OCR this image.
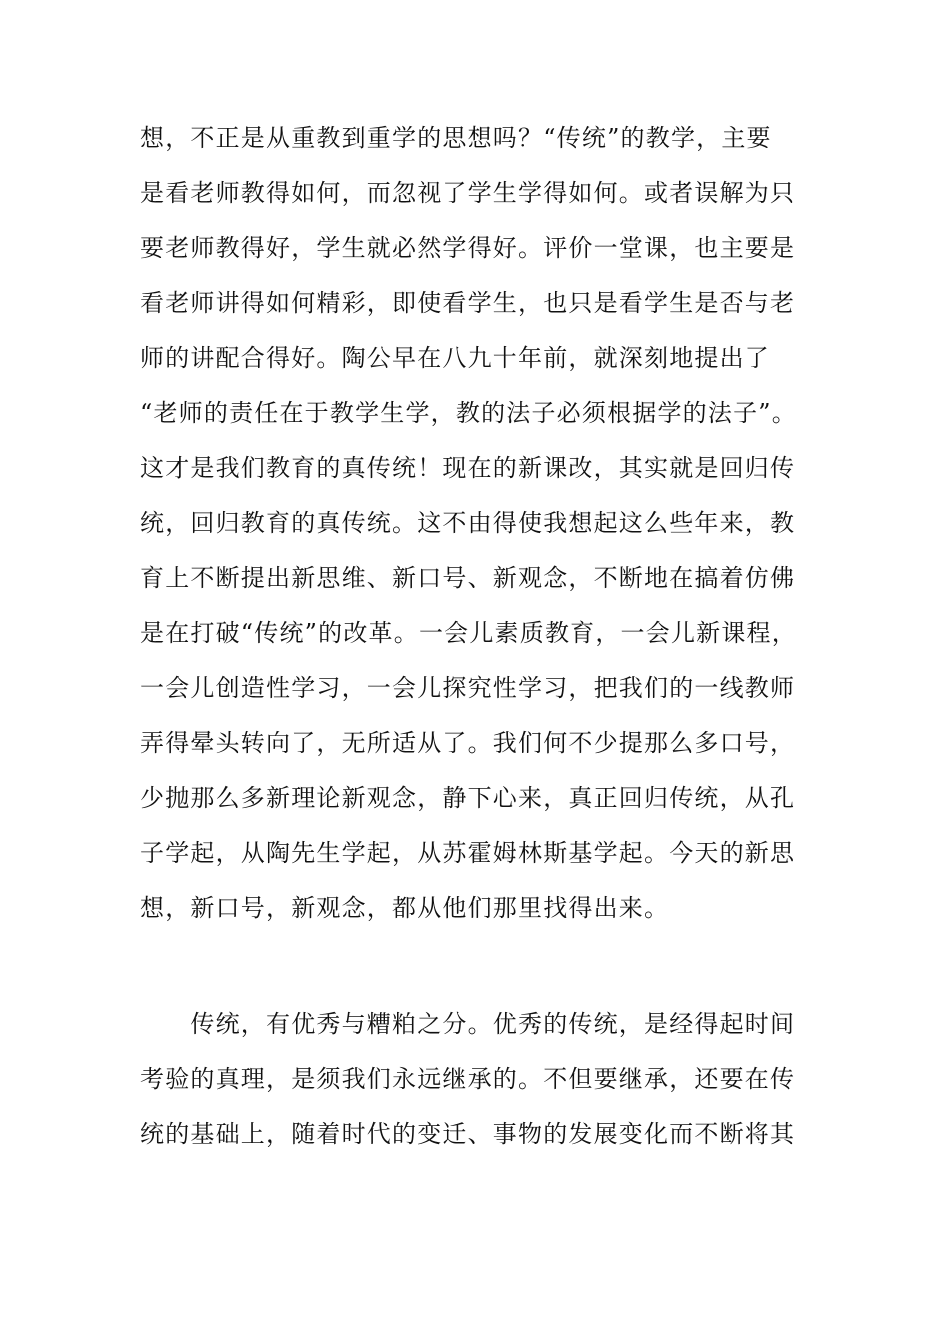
想，不正是从重教到重学的思想吗？“传统”的教学，主要
是看老师教得如何，而忽视了学生学得如何。或者误解为只
要老师教得好，学生就必然学得好。评价一堂课，也主要是
看老师讲得如何精彩，即使看学生，也只是看学生是否与老
师的讲配合得好。陶公早在八九十年前，就深刻地提出了
“老师的责任在于教学生学，教的法子必须根据学的法子”。
这才是我们教育的真传统！现在的新课改，其实就是回归传
统，回归教育的真传统。这不由得使我想起这么些年来，教
育上不断提出新思维、新口号、新观念，不断地在搞着仿佛
是在打破“传统”的改革。一会儿素质教育，一会儿新课程，
一会儿创造性学习，一会儿探究性学习，把我们的一线教师
弄得晕头转向了，无所适从了。我们何不少提那么多口号，
少抛那么多新理论新观念，静下心来，真正回归传统，从孔
子学起，从陶先生学起，从苏霍姆林斯基学起。今天的新思
想，新口号，新观念，都从他们那里找得出来。
　　传统，有优秀与糟粕之分。优秀的传统，是经得起时间
考验的真理，是须我们永远继承的。不但要继承，还要在传
统的基础上，随着时代的变迁、事物的发展变化而不断将其
